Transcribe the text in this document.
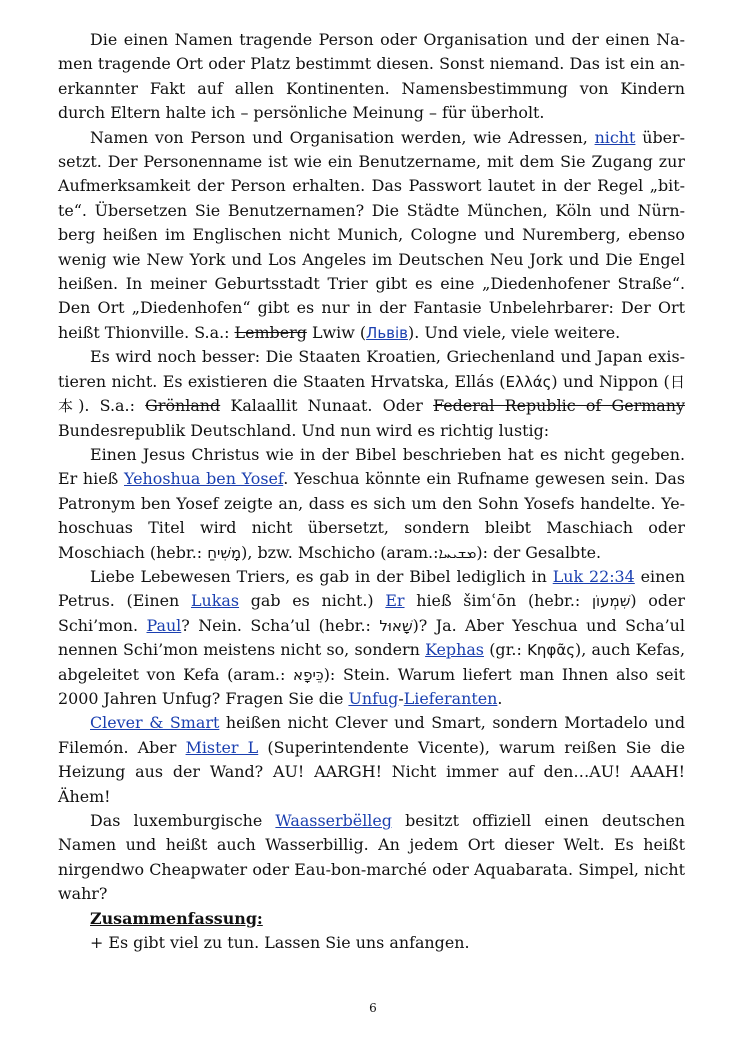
Die einen Namen tragende Person oder Organisation und der einen Namen tragende Ort oder Platz bestimmt diesen. Sonst niemand. Das ist ein anerkannter Fakt auf allen Kontinenten. Namensbestimmung von Kindern durch Eltern halte ich – persönliche Meinung – für überholt.

Namen von Person und Organisation werden, wie Adressen, nicht übersetzt. Der Personenname ist wie ein Benutzername, mit dem Sie Zugang zur Aufmerksamkeit der Person erhalten. Das Passwort lautet in der Regel „bitte“. Übersetzen Sie Benutzernamen? Die Städte München, Köln und Nürnberg heißen im Englischen nicht Munich, Cologne und Nuremberg, ebenso wenig wie New York und Los Angeles im Deutschen Neu Jork und Die Engel heißen. In meiner Geburtsstadt Trier gibt es eine „Diedenhofener Straße“. Den Ort „Diedenhofen“ gibt es nur in der Fantasie Unbelehrbarer: Der Ort heißt Thionville. S.a.: Lemberg Lwiw (Львів). Und viele, viele weitere.

Es wird noch besser: Die Staaten Kroatien, Griechenland und Japan existieren nicht. Es existieren die Staaten Hrvatska, Ellás (Ελλάς) und Nippon (日本). S.a.: Grönland Kalaallit Nunaat. Oder Federal Republic of Germany Bundesrepublik Deutschland. Und nun wird es richtig lustig:

Einen Jesus Christus wie in der Bibel beschrieben hat es nicht gegeben. Er hieß Yehoshua ben Yosef. Yeschua könnte ein Rufname gewesen sein. Das Patronym ben Yosef zeigte an, dass es sich um den Sohn Yosefs handelte. Yehoschuas Titel wird nicht übersetzt, sondern bleibt Maschiach oder Moschiach (hebr.: מָשִׁיחַ), bzw. Mschicho (aram.:ܡܫܝܚܐ): der Gesalbte.

Liebe Lebewesen Triers, es gab in der Bibel lediglich in Luk 22:34 einen Petrus. (Einen Lukas gab es nicht.) Er hieß šimʿōn (hebr.: שִׁמְעוֹן) oder Schi’mon. Paul? Nein. Scha’ul (hebr.: שָׁאוּל)? Ja. Aber Yeschua und Scha’ul nennen Schi’mon meistens nicht so, sondern Kephas (gr.: Κηφᾶς), auch Kefas, abgeleitet von Kefa (aram.: כֵּיפָא): Stein. Warum liefert man Ihnen also seit 2000 Jahren Unfug? Fragen Sie die Unfug-Lieferanten.

Clever & Smart heißen nicht Clever und Smart, sondern Mortadelo und Filemón. Aber Mister L (Superintendente Vicente), warum reißen Sie die Heizung aus der Wand? AU! AARGH! Nicht immer auf den…AU! AAAH! Ähem!

Das luxemburgische Waasserbëlleg besitzt offiziell einen deutschen Namen und heißt auch Wasserbillig. An jedem Ort dieser Welt. Es heißt nirgendwo Cheapwater oder Eau-bon-marché oder Aquabarata. Simpel, nicht wahr?

Zusammenfassung:

+ Es gibt viel zu tun. Lassen Sie uns anfangen.

6
